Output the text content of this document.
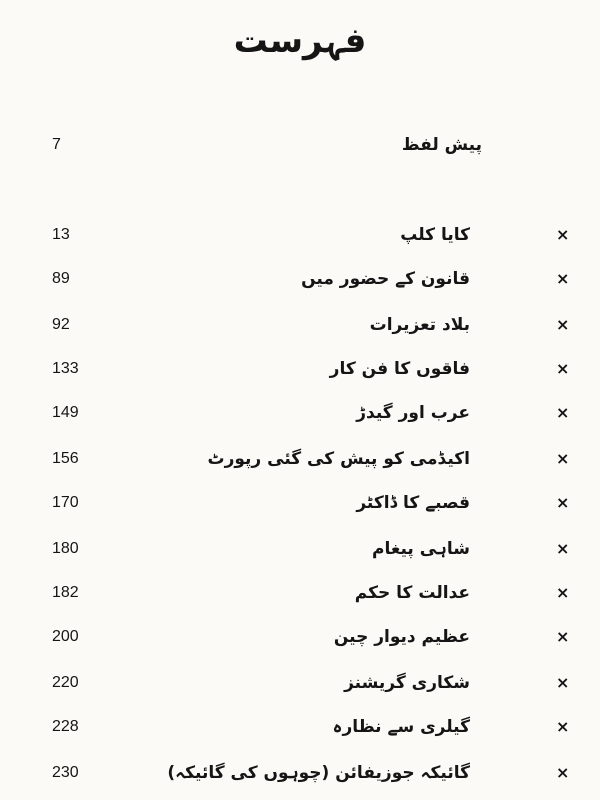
فہرست
7	پیش لفظ
13	کایا کلپ	×
89	قانون کے حضور میں	×
92	بلاد تعزیرات	×
133	فاقوں کا فن کار	×
149	عرب اور گیدڑ	×
156	اکیڈمی کو پیش کی گئی رپورٹ	×
170	قصبے کا ڈاکٹر	×
180	شاہی پیغام	×
182	عدالت کا حکم	×
200	عظیم دیوار چین	×
220	شکاری گریشنز	×
228	گیلری سے نظارہ	×
230	گائیکہ جوزیفائن (چوہوں کی گائیکہ)	×
